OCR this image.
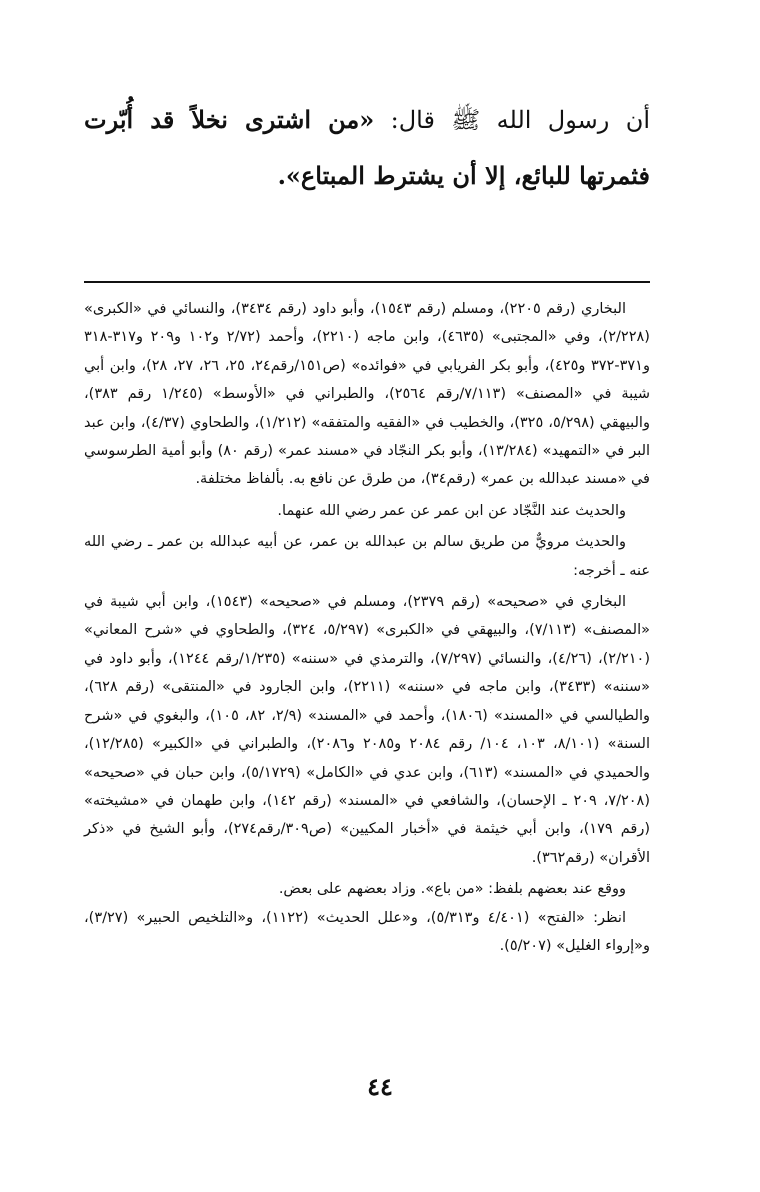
أن رسول الله ﷺ قال: «من اشترى نخلاً قد أُبّرت فثمرتها للبائع، إلا أن يشترط المبتاع».

البخاري (رقم ٢٢٠٥)، ومسلم (رقم ١٥٤٣)، وأبو داود (رقم ٣٤٣٤)، والنسائي في «الكبرى» (٢/٢٢٨)، وفي «المجتبى» (٤٦٣٥)، وابن ماجه (٢٢١٠)، وأحمد (٢/٧٢ و١٠٢ و٢٠٩ و٣١٧-٣١٨ و٣٧١-٣٧٢ و٤٢٥)، وأبو بكر الفريابي في «فوائده» (ص١٥١/رقم٢٤، ٢٥، ٢٦، ٢٧، ٢٨)، وابن أبي شيبة في «المصنف» (٧/١١٣/رقم ٢٥٦٤)، والطبراني في «الأوسط» (١/٢٤٥ رقم ٣٨٣)، والبيهقي (٥/٢٩٨، ٣٢٥)، والخطيب في «الفقيه والمتفقه» (١/٢١٢)، والطحاوي (٤/٣٧)، وابن عبد البر في «التمهيد» (١٣/٢٨٤)، وأبو بكر النجّاد في «مسند عمر» (رقم ٨٠) وأبو أمية الطرسوسي في «مسند عبدالله بن عمر» (رقم٣٤)، من طرق عن نافع به. بألفاظ مختلفة.

والحديث عند النَّجّاد عن ابن عمر عن عمر رضي الله عنهما.

والحديث مرويٌّ من طريق سالم بن عبدالله بن عمر، عن أبيه عبدالله بن عمر ـ رضي الله عنه ـ أخرجه:

البخاري في «صحيحه» (رقم ٢٣٧٩)، ومسلم في «صحيحه» (١٥٤٣)، وابن أبي شيبة في «المصنف» (٧/١١٣)، والبيهقي في «الكبرى» (٥/٢٩٧، ٣٢٤)، والطحاوي في «شرح المعاني» (٢/٢١٠)، (٤/٢٦)، والنسائي (٧/٢٩٧)، والترمذي في «سننه» (١/٢٣٥/رقم ١٢٤٤)، وأبو داود في «سننه» (٣٤٣٣)، وابن ماجه في «سننه» (٢٢١١)، وابن الجارود في «المنتقى» (رقم ٦٢٨)، والطيالسي في «المسند» (١٨٠٦)، وأحمد في «المسند» (٢/٩، ٨٢، ١٠٥)، والبغوي في «شرح السنة» (٨/١٠١، ١٠٣، ١٠٤/ رقم ٢٠٨٤ و٢٠٨٥ و٢٠٨٦)، والطبراني في «الكبير» (١٢/٢٨٥)، والحميدي في «المسند» (٦١٣)، وابن عدي في «الكامل» (٥/١٧٢٩)، وابن حبان في «صحيحه» (٧/٢٠٨، ٢٠٩ ـ الإحسان)، والشافعي في «المسند» (رقم ١٤٢)، وابن طهمان في «مشيخته» (رقم ١٧٩)، وابن أبي خيثمة في «أخبار المكيين» (ص٣٠٩/رقم٢٧٤)، وأبو الشيخ في «ذكر الأقران» (رقم٣٦٢).

ووقع عند بعضهم بلفظ: «من باع». وزاد بعضهم على بعض.

انظر: «الفتح» (٤/٤٠١ و٥/٣١٣)، و«علل الحديث» (١١٢٢)، و«التلخيص الحبير» (٣/٢٧)، و«إرواء الغليل» (٥/٢٠٧).

٤٤
